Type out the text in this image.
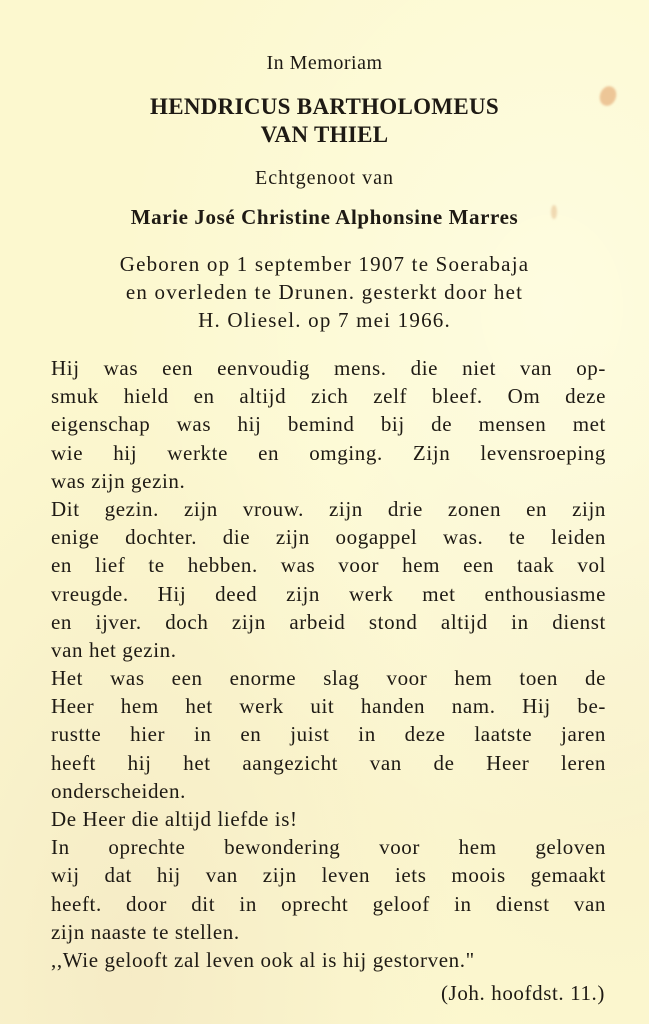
In Memoriam
HENDRICUS BARTHOLOMEUS
VAN THIEL
Echtgenoot van
Marie José Christine Alphonsine Marres
Geboren op 1 september 1907 te Soerabaja
en overleden te Drunen. gesterkt door het
H. Oliesel. op 7 mei 1966.
Hij was een eenvoudig mens. die niet van op-
smuk hield en altijd zich zelf bleef. Om deze
eigenschap was hij bemind bij de mensen met
wie hij werkte en omging. Zijn levensroeping
was zijn gezin.
Dit gezin. zijn vrouw. zijn drie zonen en zijn
enige dochter. die zijn oogappel was. te leiden
en lief te hebben. was voor hem een taak vol
vreugde. Hij deed zijn werk met enthousiasme
en ijver. doch zijn arbeid stond altijd in dienst
van het gezin.
Het was een enorme slag voor hem toen de
Heer hem het werk uit handen nam. Hij be-
rustte hier in en juist in deze laatste jaren
heeft hij het aangezicht van de Heer leren
onderscheiden.
De Heer die altijd liefde is!
In oprechte bewondering voor hem geloven
wij dat hij van zijn leven iets moois gemaakt
heeft. door dit in oprecht geloof in dienst van
zijn naaste te stellen.
,,Wie gelooft zal leven ook al is hij gestorven."
(Joh. hoofdst. 11.)
